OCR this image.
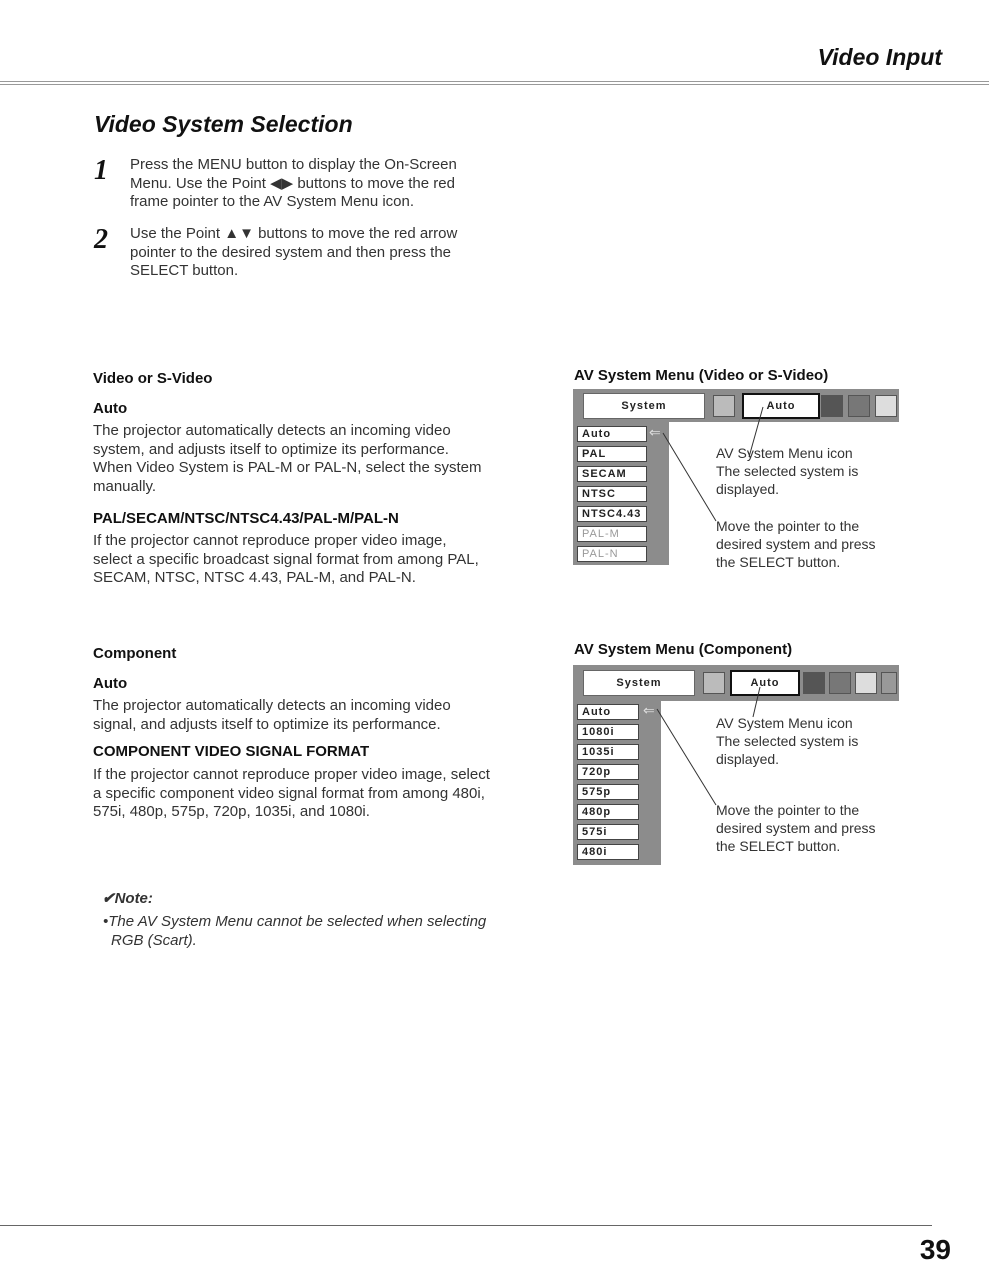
Video Input
Video System Selection
1 Press the MENU button to display the On-Screen
Menu. Use the Point ◀▶ buttons to move the red
frame pointer to the AV System Menu icon.
2 Use the Point ▲▼ buttons to move the red arrow
pointer to the desired system and then press the
SELECT button.
Video or S-Video
Auto
The projector automatically detects an incoming video
system, and adjusts itself to optimize its performance.
When Video System is PAL-M or PAL-N, select the system
manually.
PAL/SECAM/NTSC/NTSC4.43/PAL-M/PAL-N
If the projector cannot reproduce proper video image,
select a specific broadcast signal format from among PAL,
SECAM, NTSC, NTSC 4.43, PAL-M, and PAL-N.
AV System Menu (Video or S-Video)
System	Auto
Auto
PAL
SECAM
NTSC
NTSC4.43
PAL-M
PAL-N
⇐
AV System Menu icon
The selected system is
displayed.
Move the pointer to the
desired system and press
the SELECT button.
Component
Auto
The projector automatically detects an incoming video
signal, and adjusts itself to optimize its performance.
COMPONENT VIDEO SIGNAL FORMAT
If the projector cannot reproduce proper video image, select
a specific component video signal format from among 480i,
575i, 480p, 575p, 720p, 1035i, and 1080i.
AV System Menu (Component)
System	Auto
Auto
1080i
1035i
720p
575p
480p
575i
480i
⇐
AV System Menu icon
The selected system is
displayed.
Move the pointer to the
desired system and press
the SELECT button.
✔Note:
•The AV System Menu cannot be selected when selecting
RGB (Scart).
39
